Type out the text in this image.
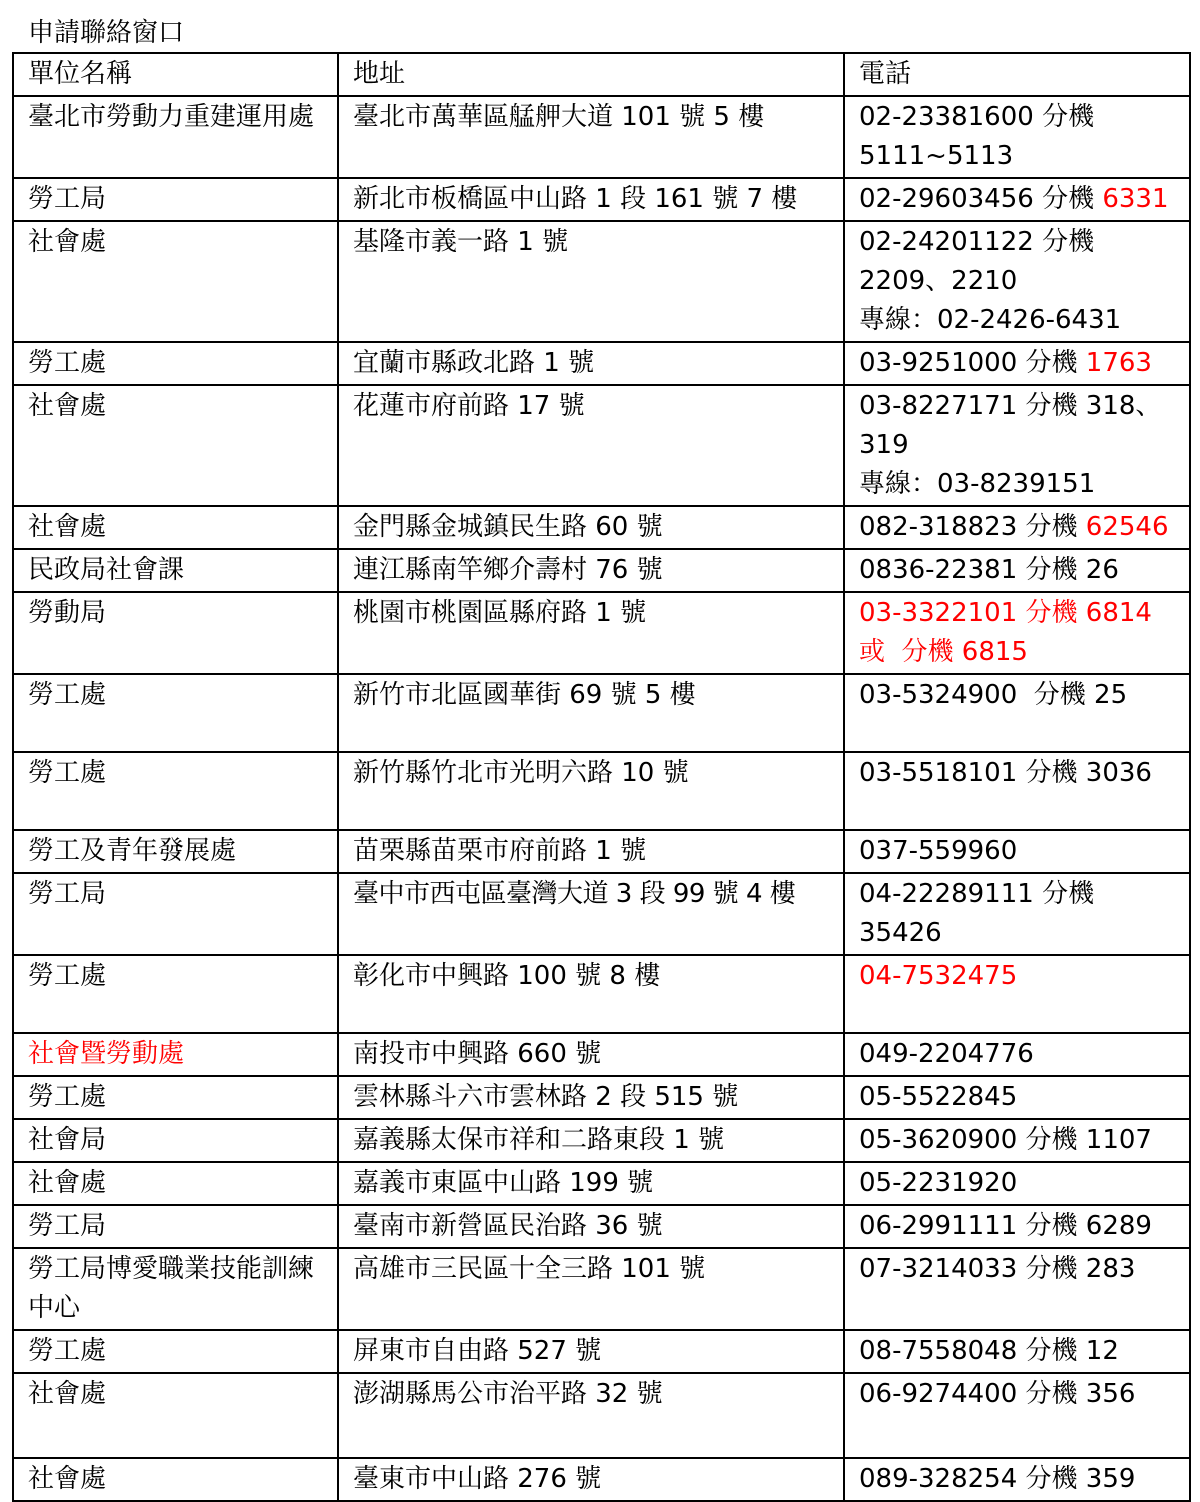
申請聯絡窗口
單位名稱	地址	電話
臺北市勞動力重建運用處	臺北市萬華區艋舺大道 101 號 5 樓	02-23381600 分機 5111~5113
勞工局	新北市板橋區中山路 1 段 161 號 7 樓	02-29603456 分機 6331
社會處	基隆市義一路 1 號	02-24201122 分機 2209、2210
專線：02-2426-6431

勞工處	宜蘭市縣政北路 1 號	03-9251000 分機 1763
社會處	花蓮市府前路 17 號	03-8227171 分機 318、319
專線：03-8239151

社會處	金門縣金城鎮民生路 60 號	082-318823 分機 62546
民政局社會課	連江縣南竿鄉介壽村 76 號	0836-22381 分機 26
勞動局	桃園市桃園區縣府路 1 號	03-3322101 分機 6814
或  分機 6815

勞工處	新竹市北區國華街 69 號 5 樓	03-5324900  分機 25
勞工處	新竹縣竹北市光明六路 10 號	03-5518101 分機 3036
勞工及青年發展處	苗栗縣苗栗市府前路 1 號	037-559960
勞工局	臺中市西屯區臺灣大道 3 段 99 號 4 樓	04-22289111 分機 35426
勞工處	彰化市中興路 100 號 8 樓	04-7532475
社會暨勞動處	南投市中興路 660 號	049-2204776
勞工處	雲林縣斗六市雲林路 2 段 515 號	05-5522845
社會局	嘉義縣太保市祥和二路東段 1 號	05-3620900 分機 1107
社會處	嘉義市東區中山路 199 號	05-2231920
勞工局	臺南市新營區民治路 36 號	06-2991111 分機 6289
勞工局博愛職業技能訓練中心	高雄市三民區十全三路 101 號	07-3214033 分機 283
勞工處	屏東市自由路 527 號	08-7558048 分機 12
社會處	澎湖縣馬公市治平路 32 號	06-9274400 分機 356
社會處	臺東市中山路 276 號	089-328254 分機 359
